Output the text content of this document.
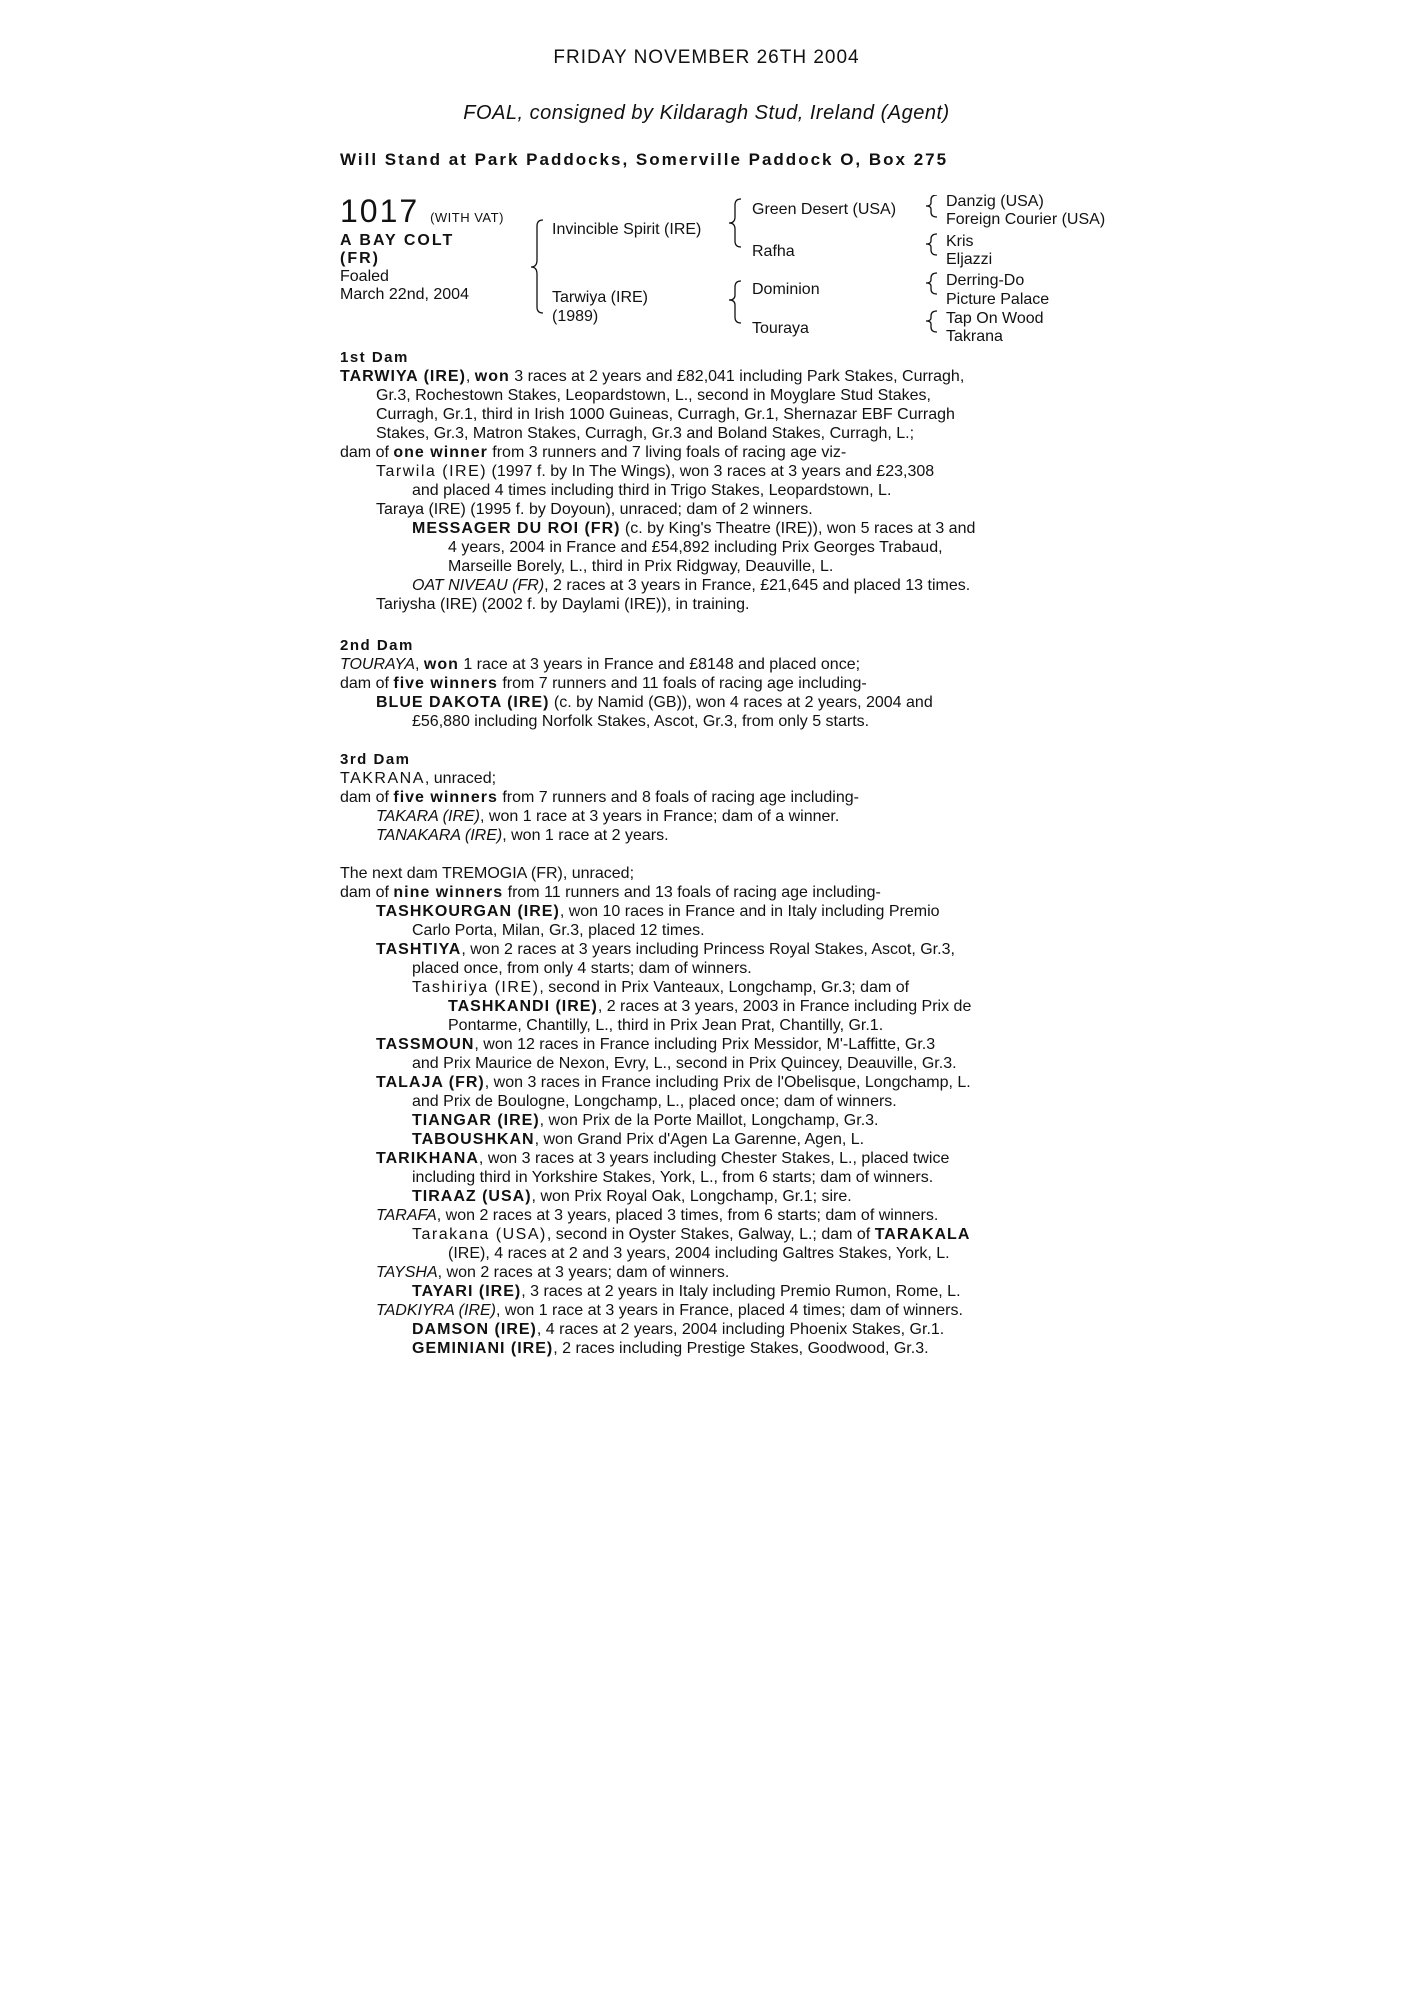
FRIDAY NOVEMBER 26TH 2004
FOAL, consigned by Kildaragh Stud, Ireland (Agent)
Will Stand at Park Paddocks, Somerville Paddock O, Box 275
1017 (WITH VAT)
A BAY COLT
(FR)
Foaled
March 22nd, 2004
Invincible Spirit (IRE)
Tarwiya (IRE)
(1989)
Green Desert (USA)
Rafha
Dominion
Touraya
Danzig (USA)
Foreign Courier (USA)
Kris
Eljazzi
Derring-Do
Picture Palace
Tap On Wood
Takrana

1st Dam

TARWIYA (IRE), won 3 races at 2 years and £82,041 including Park Stakes, Curragh,
Gr.3, Rochestown Stakes, Leopardstown, L., second in Moyglare Stud Stakes,
Curragh, Gr.1, third in Irish 1000 Guineas, Curragh, Gr.1, Shernazar EBF Curragh
Stakes, Gr.3, Matron Stakes, Curragh, Gr.3 and Boland Stakes, Curragh, L.;

dam of one winner from 3 runners and 7 living foals of racing age viz-

Tarwila (IRE) (1997 f. by In The Wings), won 3 races at 3 years and £23,308
and placed 4 times including third in Trigo Stakes, Leopardstown, L.

Taraya (IRE) (1995 f. by Doyoun), unraced; dam of 2 winners.

MESSAGER DU ROI (FR) (c. by King's Theatre (IRE)), won 5 races at 3 and
4 years, 2004 in France and £54,892 including Prix Georges Trabaud,
Marseille Borely, L., third in Prix Ridgway, Deauville, L.

OAT NIVEAU (FR), 2 races at 3 years in France, £21,645 and placed 13 times.

Tariysha (IRE) (2002 f. by Daylami (IRE)), in training.

2nd Dam

TOURAYA, won 1 race at 3 years in France and £8148 and placed once;

dam of five winners from 7 runners and 11 foals of racing age including-

BLUE DAKOTA (IRE) (c. by Namid (GB)), won 4 races at 2 years, 2004 and
£56,880 including Norfolk Stakes, Ascot, Gr.3, from only 5 starts.

3rd Dam

TAKRANA, unraced;

dam of five winners from 7 runners and 8 foals of racing age including-

TAKARA (IRE), won 1 race at 3 years in France; dam of a winner.

TANAKARA (IRE), won 1 race at 2 years.

The next dam TREMOGIA (FR), unraced;

dam of nine winners from 11 runners and 13 foals of racing age including-

TASHKOURGAN (IRE), won 10 races in France and in Italy including Premio
Carlo Porta, Milan, Gr.3, placed 12 times.

TASHTIYA, won 2 races at 3 years including Princess Royal Stakes, Ascot, Gr.3,
placed once, from only 4 starts; dam of winners.

Tashiriya (IRE), second in Prix Vanteaux, Longchamp, Gr.3; dam of
TASHKANDI (IRE), 2 races at 3 years, 2003 in France including Prix de
Pontarme, Chantilly, L., third in Prix Jean Prat, Chantilly, Gr.1.

TASSMOUN, won 12 races in France including Prix Messidor, M'-Laffitte, Gr.3
and Prix Maurice de Nexon, Evry, L., second in Prix Quincey, Deauville, Gr.3.

TALAJA (FR), won 3 races in France including Prix de l'Obelisque, Longchamp, L.
and Prix de Boulogne, Longchamp, L., placed once; dam of winners.

TIANGAR (IRE), won Prix de la Porte Maillot, Longchamp, Gr.3.

TABOUSHKAN, won Grand Prix d'Agen La Garenne, Agen, L.

TARIKHANA, won 3 races at 3 years including Chester Stakes, L., placed twice
including third in Yorkshire Stakes, York, L., from 6 starts; dam of winners.

TIRAAZ (USA), won Prix Royal Oak, Longchamp, Gr.1; sire.

TARAFA, won 2 races at 3 years, placed 3 times, from 6 starts; dam of winners.

Tarakana (USA), second in Oyster Stakes, Galway, L.; dam of TARAKALA
(IRE), 4 races at 2 and 3 years, 2004 including Galtres Stakes, York, L.

TAYSHA, won 2 races at 3 years; dam of winners.

TAYARI (IRE), 3 races at 2 years in Italy including Premio Rumon, Rome, L.

TADKIYRA (IRE), won 1 race at 3 years in France, placed 4 times; dam of winners.

DAMSON (IRE), 4 races at 2 years, 2004 including Phoenix Stakes, Gr.1.

GEMINIANI (IRE), 2 races including Prestige Stakes, Goodwood, Gr.3.
